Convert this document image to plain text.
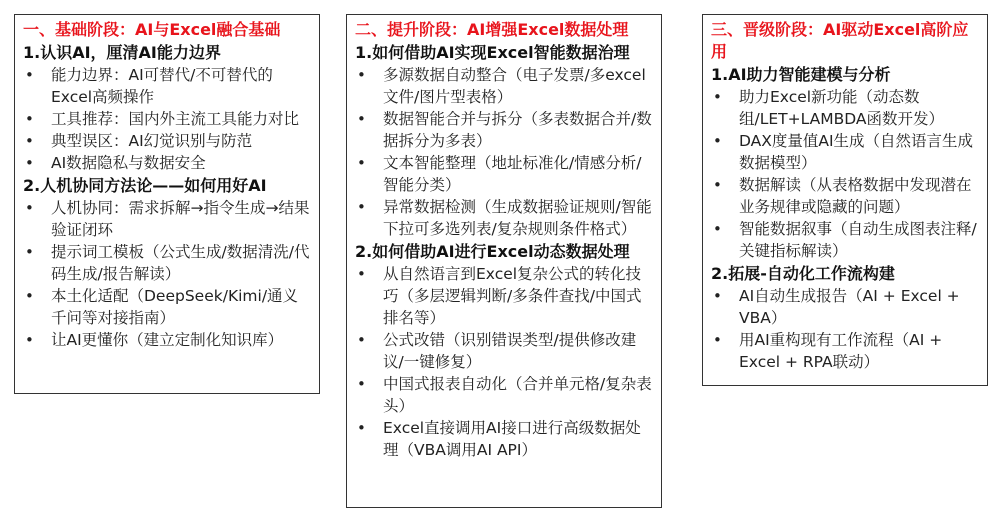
一、基础阶段：AI与Excel融合基础
1.认识AI，厘清AI能力边界
• 能力边界：AI可替代/不可替代的Excel高频操作
• 工具推荐：国内外主流工具能力对比
• 典型误区：AI幻觉识别与防范
• AI数据隐私与数据安全
2.人机协同方法论——如何用好AI
• 人机协同：需求拆解→指令生成→结果验证闭环
• 提示词工模板（公式生成/数据清洗/代码生成/报告解读）
• 本土化适配（DeepSeek/Kimi/通义千问等对接指南）
• 让AI更懂你（建立定制化知识库）
二、提升阶段：AI增强Excel数据处理
1.如何借助AI实现Excel智能数据治理
• 多源数据自动整合（电子发票/多excel文件/图片型表格）
• 数据智能合并与拆分（多表数据合并/数据拆分为多表）
• 文本智能整理（地址标准化/情感分析/智能分类）
• 异常数据检测（生成数据验证规则/智能下拉可多选列表/复杂规则条件格式）
2.如何借助AI进行Excel动态数据处理
• 从自然语言到Excel复杂公式的转化技巧（多层逻辑判断/多条件查找/中国式排名等）
• 公式改错（识别错误类型/提供修改建议/一键修复）
• 中国式报表自动化（合并单元格/复杂表头）
• Excel直接调用AI接口进行高级数据处理（VBA调用AI API）
三、晋级阶段：AI驱动Excel高阶应用
1.AI助力智能建模与分析
• 助力Excel新功能（动态数组/LET+LAMBDA函数开发）
• DAX度量值AI生成（自然语言生成数据模型）
• 数据解读（从表格数据中发现潜在业务规律或隐藏的问题）
• 智能数据叙事（自动生成图表注释/关键指标解读）
2.拓展-自动化工作流构建
• AI自动生成报告（AI + Excel + VBA）
• 用AI重构现有工作流程（AI + Excel + RPA联动）
